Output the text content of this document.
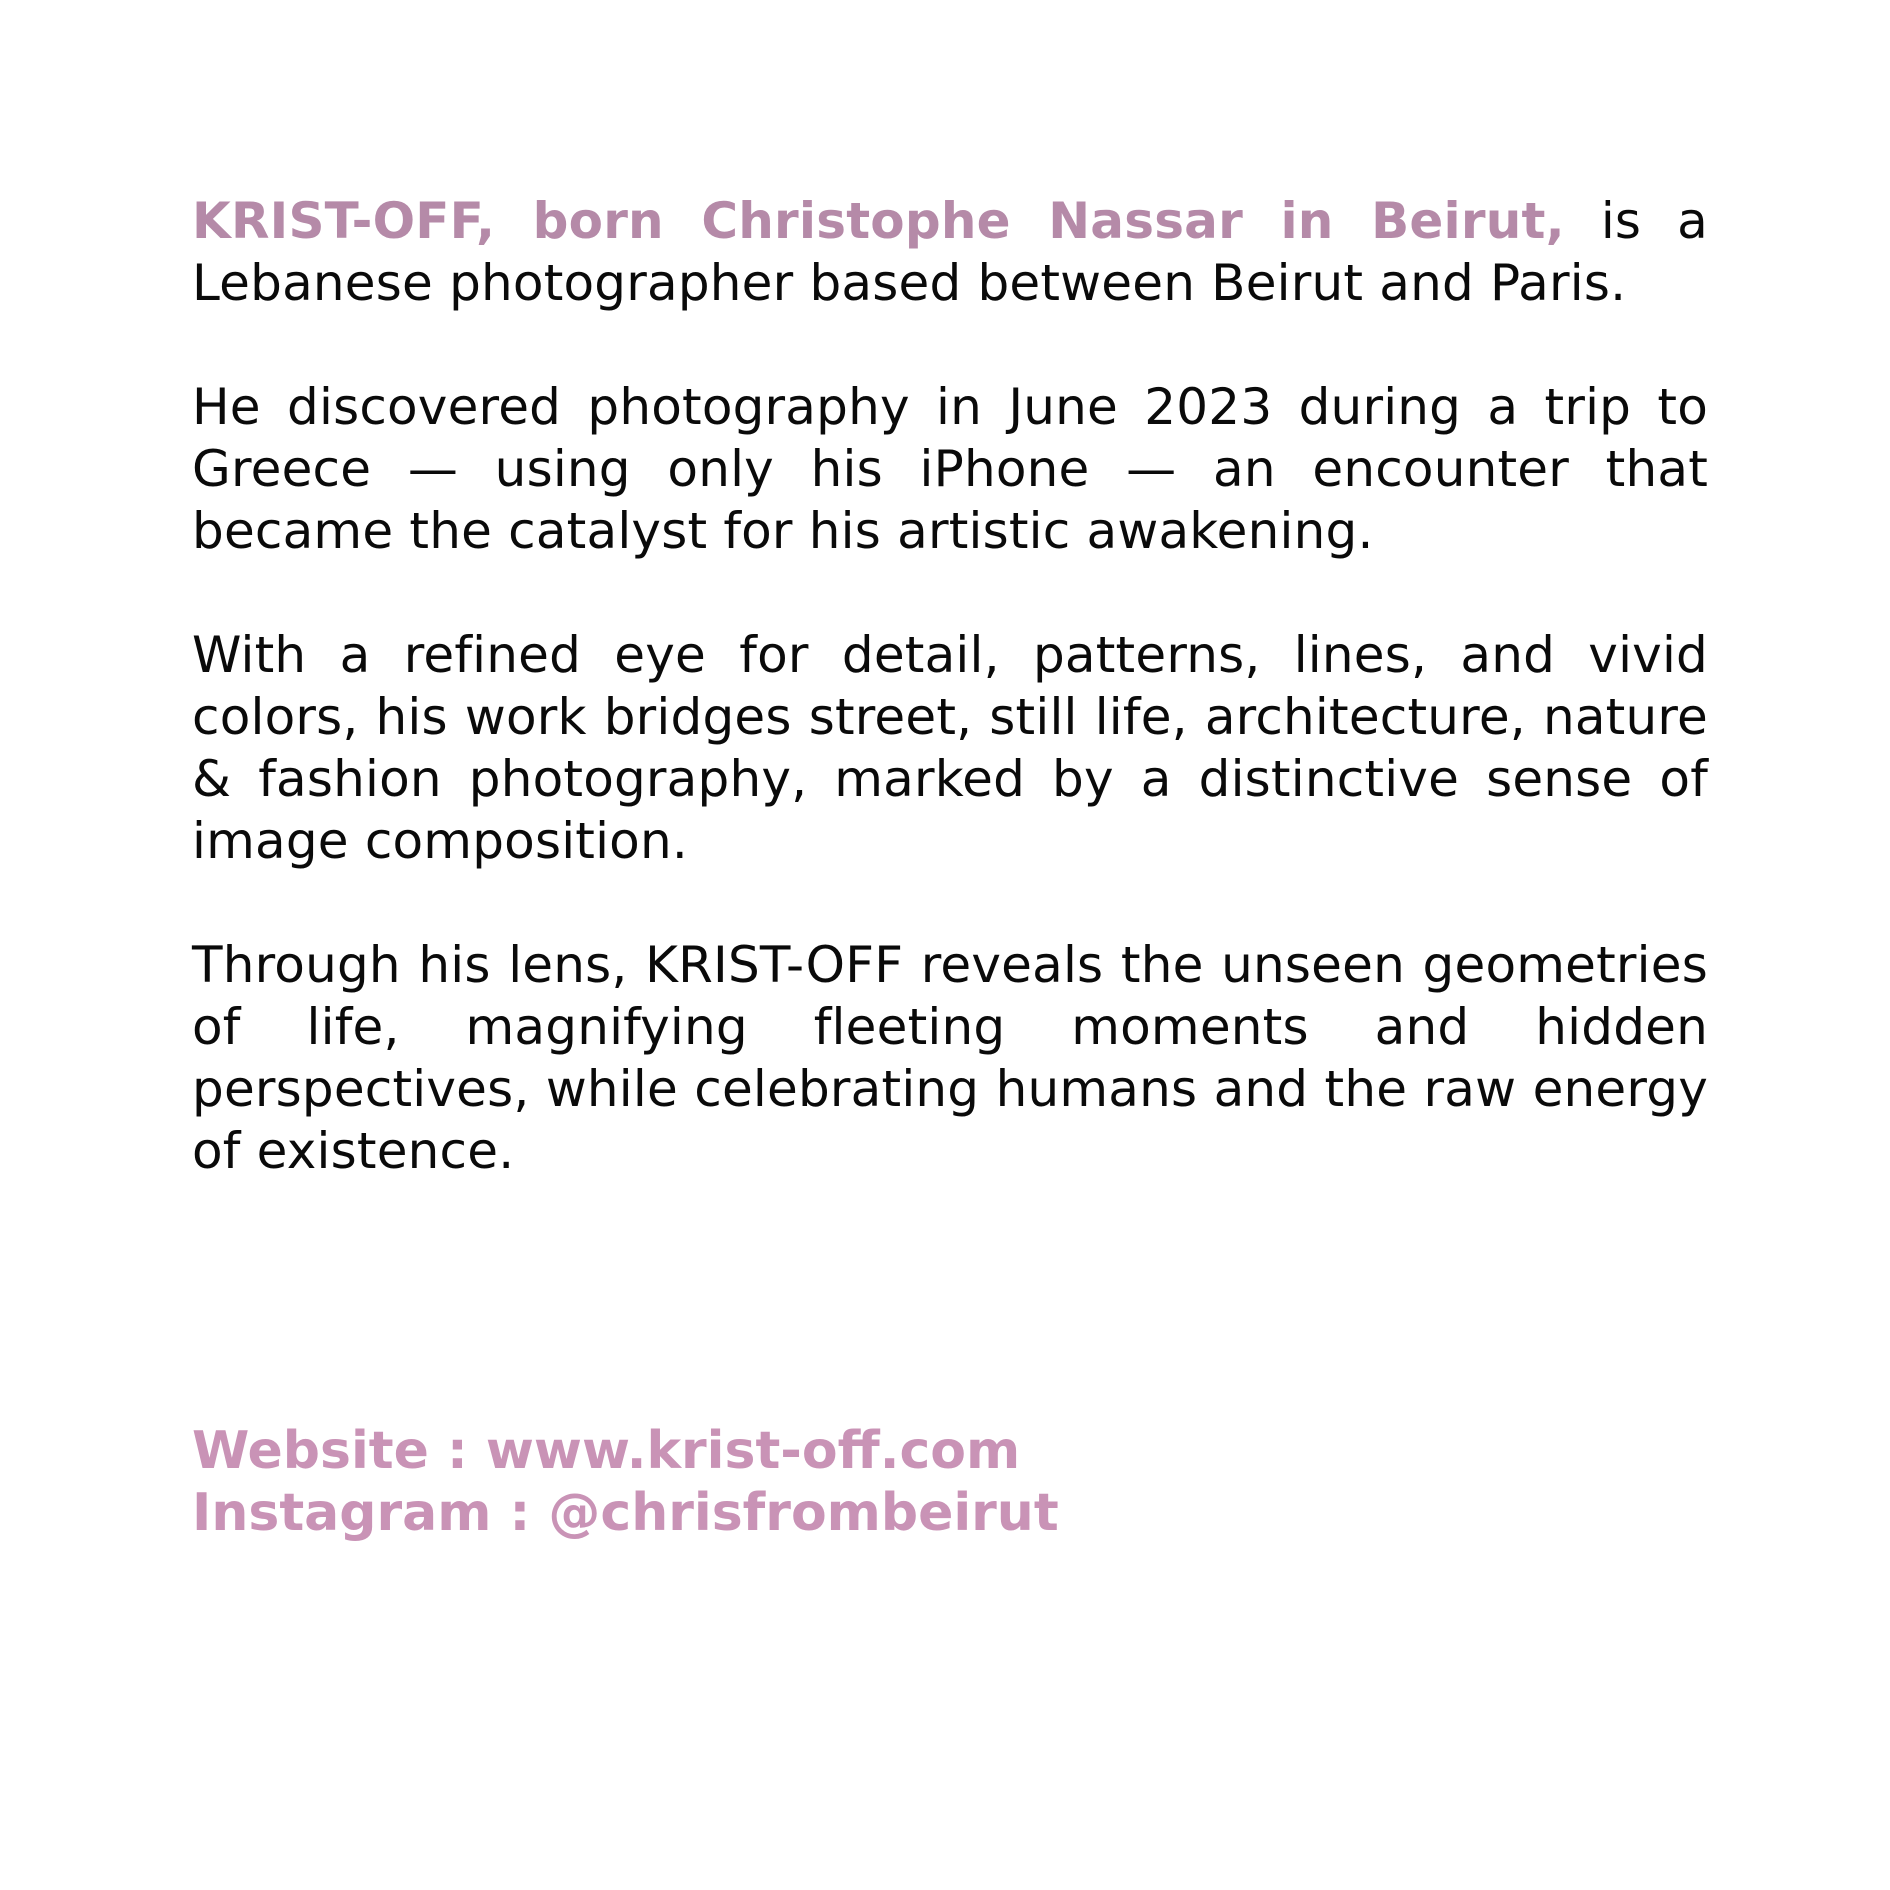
KRIST-OFF, born Christophe Nassar in Beirut, is a Lebanese photographer based between Beirut and Paris.

He discovered photography in June 2023 during a trip to Greece — using only his iPhone — an encounter that became the catalyst for his artistic awakening.

With a refined eye for detail, patterns, lines, and vivid colors, his work bridges street, still life, architecture, nature & fashion photography, marked by a distinctive sense of image composition.

Through his lens, KRIST-OFF reveals the unseen geometries of life, magnifying fleeting moments and hidden perspectives, while celebrating humans and the raw energy of existence.

Website : www.krist-off.com

Instagram : @chrisfrombeirut
